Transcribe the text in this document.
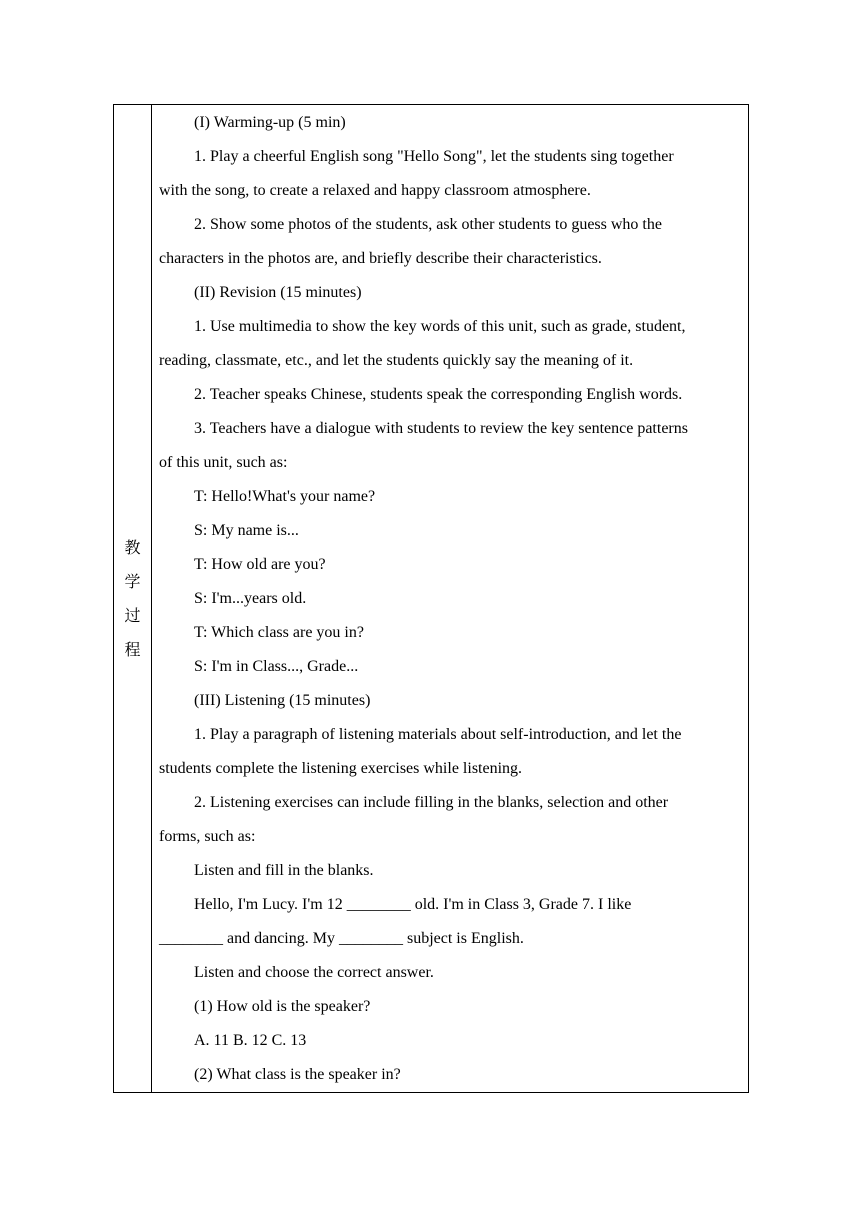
教
学
过
程

(I) Warming-up (5 min)

1. Play a cheerful English song "Hello Song", let the students sing together

with the song, to create a relaxed and happy classroom atmosphere.

2. Show some photos of the students, ask other students to guess who the

characters in the photos are, and briefly describe their characteristics.

(II) Revision (15 minutes)

1. Use multimedia to show the key words of this unit, such as grade, student,

reading, classmate, etc., and let the students quickly say the meaning of it.

2. Teacher speaks Chinese, students speak the corresponding English words.

3. Teachers have a dialogue with students to review the key sentence patterns

of this unit, such as:

T: Hello!What's your name?

S: My name is...

T: How old are you?

S: I'm...years old.

T: Which class are you in?

S: I'm in Class..., Grade...

(III) Listening (15 minutes)

1. Play a paragraph of listening materials about self-introduction, and let the

students complete the listening exercises while listening.

2. Listening exercises can include filling in the blanks, selection and other

forms, such as:

Listen and fill in the blanks.

Hello, I'm Lucy. I'm 12 ________ old. I'm in Class 3, Grade 7. I like

________ and dancing. My ________ subject is English.

Listen and choose the correct answer.

(1) How old is the speaker?

A. 11 B. 12 C. 13

(2) What class is the speaker in?
